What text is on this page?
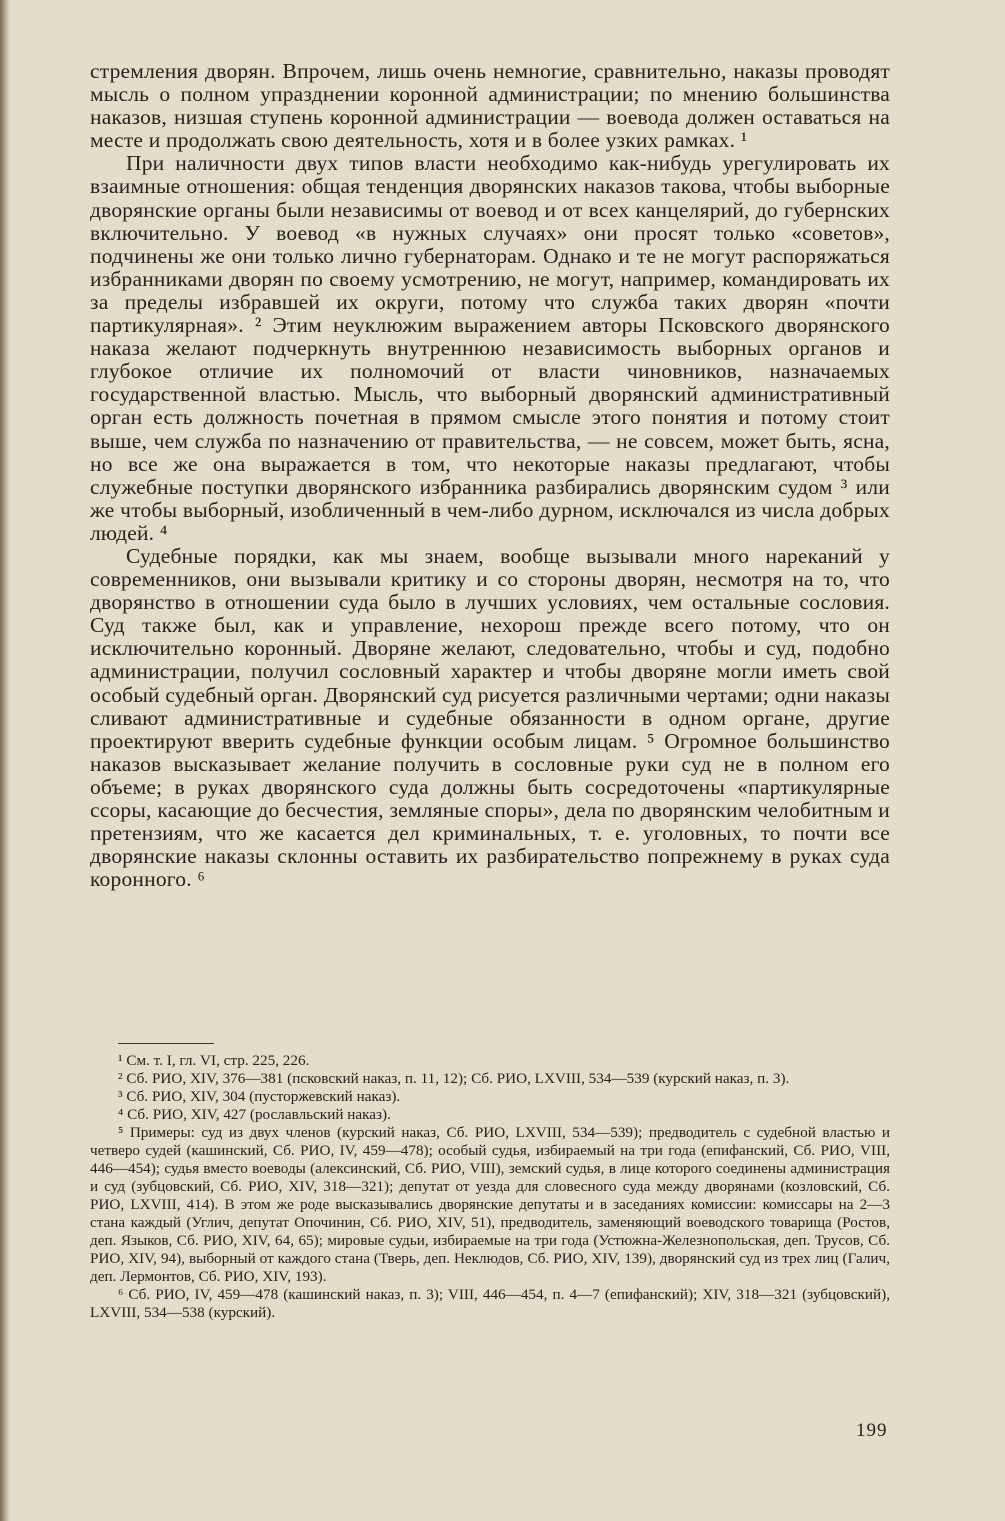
стремления дворян. Впрочем, лишь очень немногие, сравнительно, наказы проводят мысль о полном упразднении коронной администрации; по мнению большинства наказов, низшая ступень коронной администрации — воевода должен оставаться на месте и продолжать свою деятельность, хотя и в более узких рамках. ¹

При наличности двух типов власти необходимо как-нибудь урегулировать их взаимные отношения: общая тенденция дворянских наказов такова, чтобы выборные дворянские органы были независимы от воевод и от всех канцелярий, до губернских включительно. У воевод «в нужных случаях» они просят только «советов», подчинены же они только лично губернаторам. Однако и те не могут распоряжаться избранниками дворян по своему усмотрению, не могут, например, командировать их за пределы избравшей их округи, потому что служба таких дворян «почти партикулярная». ² Этим неуклюжим выражением авторы Псковского дворянского наказа желают подчеркнуть внутреннюю независимость выборных органов и глубокое отличие их полномочий от власти чиновников, назначаемых государственной властью. Мысль, что выборный дворянский административный орган есть должность почетная в прямом смысле этого понятия и потому стоит выше, чем служба по назначению от правительства, — не совсем, может быть, ясна, но все же она выражается в том, что некоторые наказы предлагают, чтобы служебные поступки дворянского избранника разбирались дворянским судом ³ или же чтобы выборный, изобличенный в чем-либо дурном, исключался из числа добрых людей. ⁴

Судебные порядки, как мы знаем, вообще вызывали много нареканий у современников, они вызывали критику и со стороны дворян, несмотря на то, что дворянство в отношении суда было в лучших условиях, чем остальные сословия. Суд также был, как и управление, нехорош прежде всего потому, что он исключительно коронный. Дворяне желают, следовательно, чтобы и суд, подобно администрации, получил сословный характер и чтобы дворяне могли иметь свой особый судебный орган. Дворянский суд рисуется различными чертами; одни наказы сливают административные и судебные обязанности в одном органе, другие проектируют вверить судебные функции особым лицам. ⁵ Огромное большинство наказов высказывает желание получить в сословные руки суд не в полном его объеме; в руках дворянского суда должны быть сосредоточены «партикулярные ссоры, касающие до бесчестия, земляные споры», дела по дворянским челобитным и претензиям, что же касается дел криминальных, т. е. уголовных, то почти все дворянские наказы склонны оставить их разбирательство попрежнему в руках суда коронного. ⁶

¹ См. т. I, гл. VI, стр. 225, 226.

² Сб. РИО, XIV, 376—381 (псковский наказ, п. 11, 12); Сб. РИО, LXVIII, 534—539 (курский наказ, п. 3).

³ Сб. РИО, XIV, 304 (пусторжевский наказ).

⁴ Сб. РИО, XIV, 427 (рославльский наказ).

⁵ Примеры: суд из двух членов (курский наказ, Сб. РИО, LXVIII, 534—539); предводитель с судебной властью и четверо судей (кашинский, Сб. РИО, IV, 459—478); особый судья, избираемый на три года (епифанский, Сб. РИО, VIII, 446—454); судья вместо воеводы (алексинский, Сб. РИО, VIII), земский судья, в лице которого соединены администрация и суд (зубцовский, Сб. РИО, XIV, 318—321); депутат от уезда для словесного суда между дворянами (козловский, Сб. РИО, LXVIII, 414). В этом же роде высказывались дворянские депутаты и в заседаниях комиссии: комиссары на 2—3 стана каждый (Углич, депутат Опочинин, Сб. РИО, XIV, 51), предводитель, заменяющий воеводского товарища (Ростов, деп. Языков, Сб. РИО, XIV, 64, 65); мировые судьи, избираемые на три года (Устюжна-Железнопольская, деп. Трусов, Сб. РИО, XIV, 94), выборный от каждого стана (Тверь, деп. Неклюдов, Сб. РИО, XIV, 139), дворянский суд из трех лиц (Галич, деп. Лермонтов, Сб. РИО, XIV, 193).

⁶ Сб. РИО, IV, 459—478 (кашинский наказ, п. 3); VIII, 446—454, п. 4—7 (епифанский); XIV, 318—321 (зубцовский), LXVIII, 534—538 (курский).

199
